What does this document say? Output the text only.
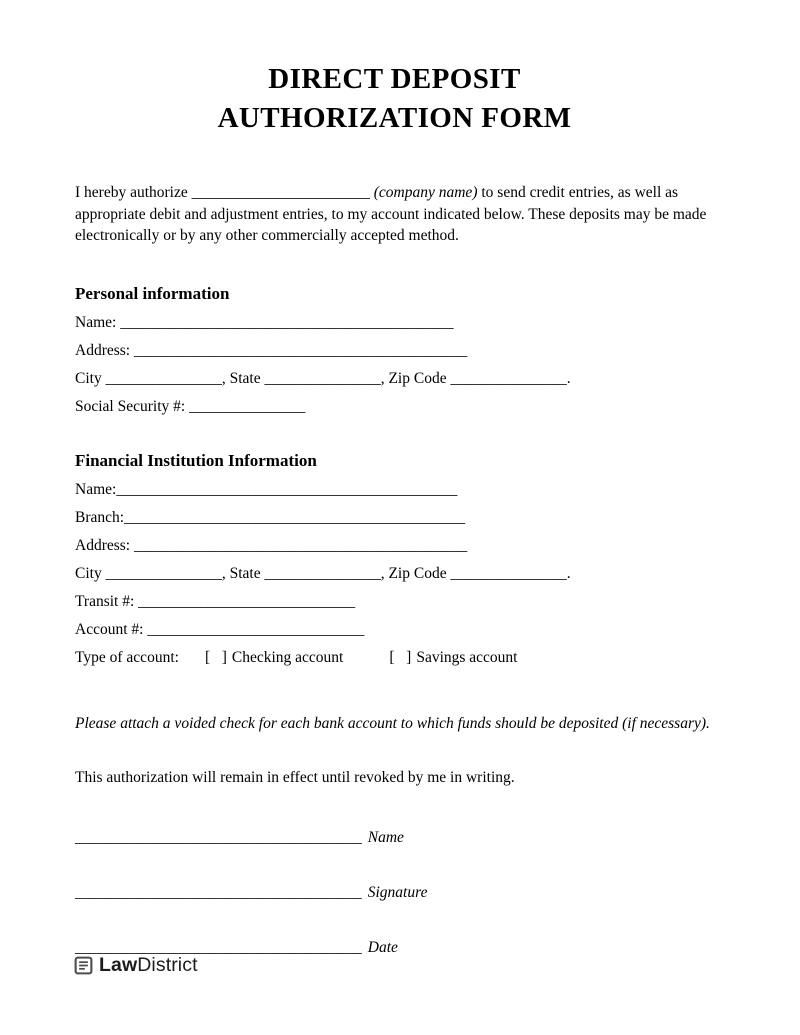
DIRECT DEPOSIT
AUTHORIZATION FORM

I hereby authorize _______________________ (company name) to send credit entries, as well as appropriate debit and adjustment entries, to my account indicated below. These deposits may be made electronically or by any other commercially accepted method.

Personal information

Name: ___________________________________________

Address: ___________________________________________

City _______________, State _______________, Zip Code _______________.

Social Security #: _______________

Financial Institution Information

Name:____________________________________________

Branch:____________________________________________

Address: ___________________________________________

City _______________, State _______________, Zip Code _______________.

Transit #: ____________________________

Account #: ____________________________

Type of account: [   ] Checking account	[   ] Savings account

Please attach a voided check for each bank account to which funds should be deposited (if necessary).

This authorization will remain in effect until revoked by me in writing.

_____________________________________ Name

_____________________________________ Signature

_____________________________________ Date

LawDistrict
